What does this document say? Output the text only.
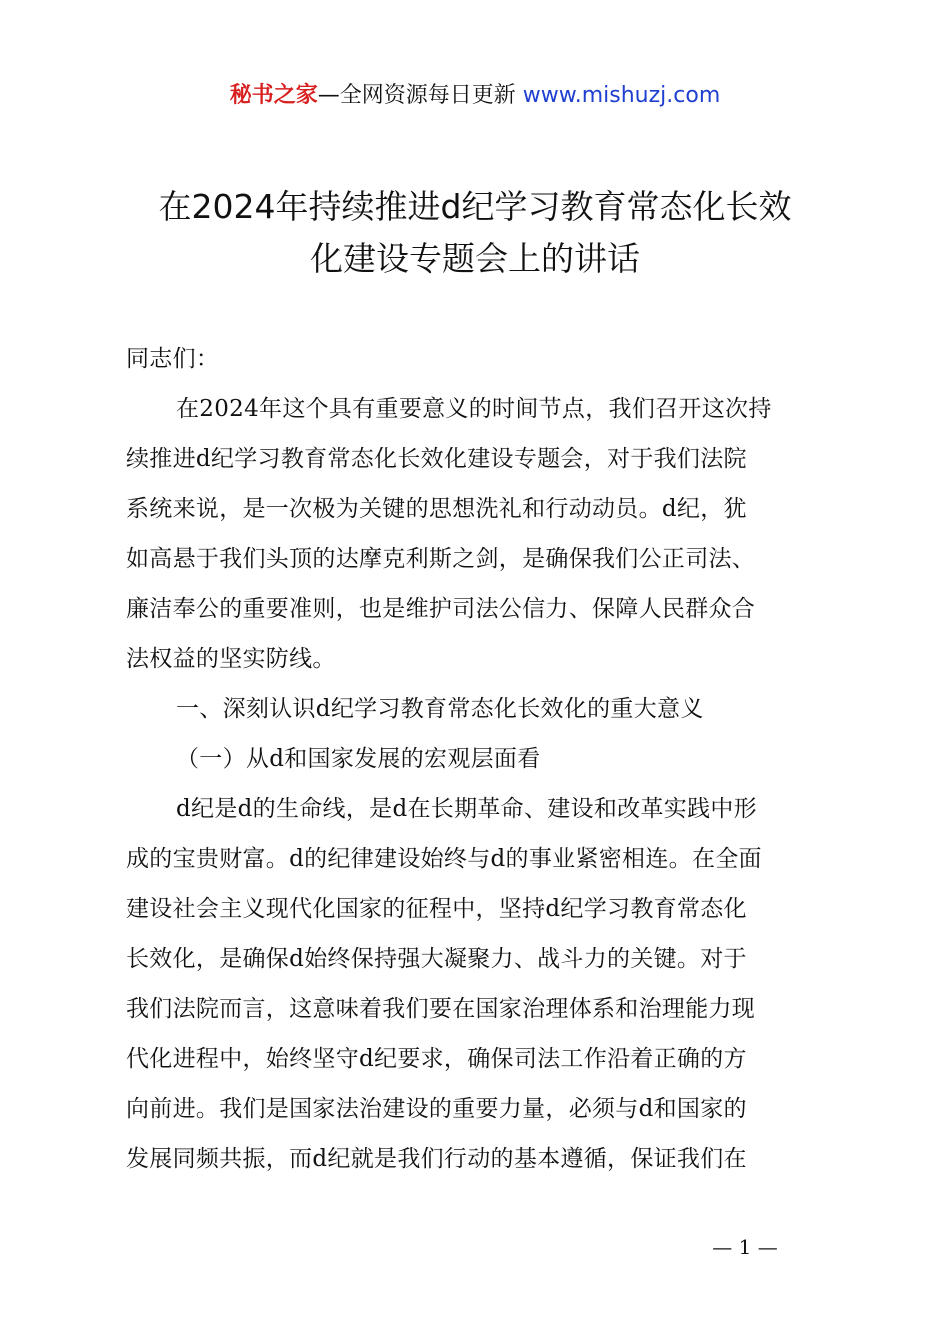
秘书之家—全网资源每日更新 www.mishuzj.com
在2024年持续推进d纪学习教育常态化长效
化建设专题会上的讲话
同志们：
在2024年这个具有重要意义的时间节点，我们召开这次持
续推进d纪学习教育常态化长效化建设专题会，对于我们法院
系统来说，是一次极为关键的思想洗礼和行动动员。d纪，犹
如高悬于我们头顶的达摩克利斯之剑，是确保我们公正司法、
廉洁奉公的重要准则，也是维护司法公信力、保障人民群众合
法权益的坚实防线。
一、深刻认识d纪学习教育常态化长效化的重大意义
（一）从d和国家发展的宏观层面看
d纪是d的生命线，是d在长期革命、建设和改革实践中形
成的宝贵财富。d的纪律建设始终与d的事业紧密相连。在全面
建设社会主义现代化国家的征程中，坚持d纪学习教育常态化
长效化，是确保d始终保持强大凝聚力、战斗力的关键。对于
我们法院而言，这意味着我们要在国家治理体系和治理能力现
代化进程中，始终坚守d纪要求，确保司法工作沿着正确的方
向前进。我们是国家法治建设的重要力量，必须与d和国家的
发展同频共振，而d纪就是我们行动的基本遵循，保证我们在
— 1 —
